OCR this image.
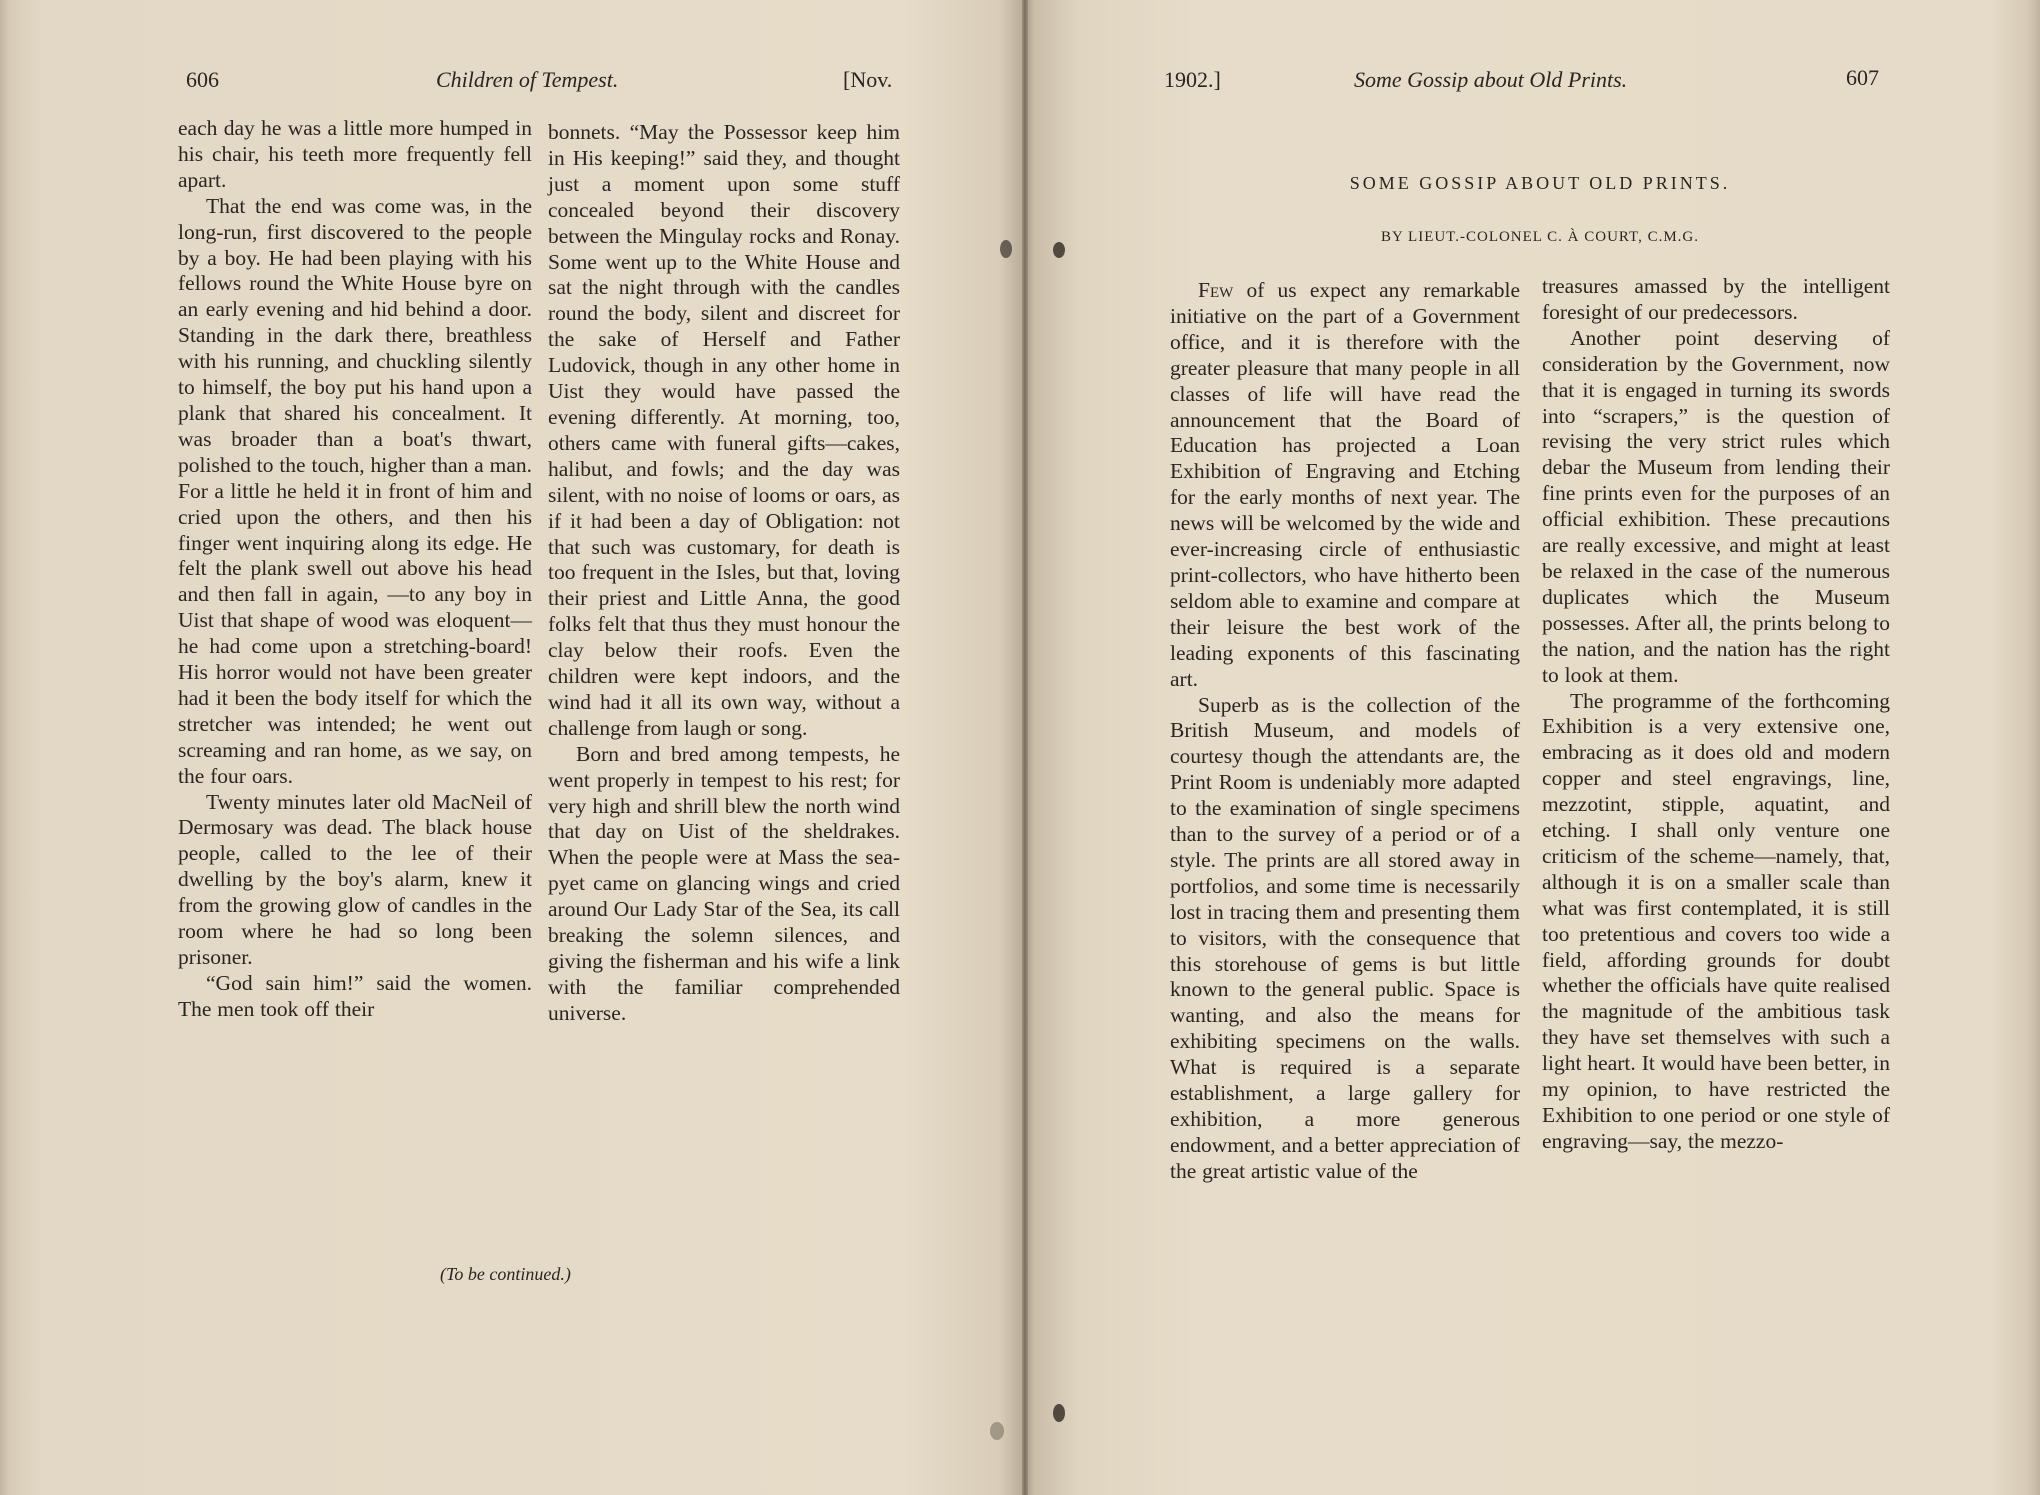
606	Children of Tempest.	[Nov.

each day he was a little more humped in his chair, his teeth more frequently fell apart.

That the end was come was, in the long-run, first discovered to the people by a boy. He had been playing with his fellows round the White House byre on an early evening and hid behind a door. Standing in the dark there, breathless with his running, and chuckling silently to himself, the boy put his hand upon a plank that shared his concealment. It was broader than a boat's thwart, polished to the touch, higher than a man. For a little he held it in front of him and cried upon the others, and then his finger went inquiring along its edge. He felt the plank swell out above his head and then fall in again, —to any boy in Uist that shape of wood was eloquent—he had come upon a stretching-board! His horror would not have been greater had it been the body itself for which the stretcher was intended; he went out screaming and ran home, as we say, on the four oars.

Twenty minutes later old MacNeil of Dermosary was dead. The black house people, called to the lee of their dwelling by the boy's alarm, knew it from the growing glow of candles in the room where he had so long been prisoner.

“God sain him!” said the women. The men took off their

bonnets. “May the Possessor keep him in His keeping!” said they, and thought just a moment upon some stuff concealed beyond their discovery between the Mingulay rocks and Ronay. Some went up to the White House and sat the night through with the candles round the body, silent and discreet for the sake of Herself and Father Ludovick, though in any other home in Uist they would have passed the evening differently. At morning, too, others came with funeral gifts—cakes, halibut, and fowls; and the day was silent, with no noise of looms or oars, as if it had been a day of Obligation: not that such was customary, for death is too frequent in the Isles, but that, loving their priest and Little Anna, the good folks felt that thus they must honour the clay below their roofs. Even the children were kept indoors, and the wind had it all its own way, without a challenge from laugh or song.

Born and bred among tempests, he went properly in tempest to his rest; for very high and shrill blew the north wind that day on Uist of the sheldrakes. When the people were at Mass the sea-pyet came on glancing wings and cried around Our Lady Star of the Sea, its call breaking the solemn silences, and giving the fisherman and his wife a link with the familiar comprehended universe.

(To be continued.)
1902.]	Some Gossip about Old Prints.	607
SOME GOSSIP ABOUT OLD PRINTS.
BY LIEUT.-COLONEL C. À COURT, C.M.G.

Few of us expect any remarkable initiative on the part of a Government office, and it is therefore with the greater pleasure that many people in all classes of life will have read the announcement that the Board of Education has projected a Loan Exhibition of Engraving and Etching for the early months of next year. The news will be welcomed by the wide and ever-increasing circle of enthusiastic print-collectors, who have hitherto been seldom able to examine and compare at their leisure the best work of the leading exponents of this fascinating art.

Superb as is the collection of the British Museum, and models of courtesy though the attendants are, the Print Room is undeniably more adapted to the examination of single specimens than to the survey of a period or of a style. The prints are all stored away in portfolios, and some time is necessarily lost in tracing them and presenting them to visitors, with the consequence that this storehouse of gems is but little known to the general public. Space is wanting, and also the means for exhibiting specimens on the walls. What is required is a separate establishment, a large gallery for exhibition, a more generous endowment, and a better appreciation of the great artistic value of the

treasures amassed by the intelligent foresight of our predecessors.

Another point deserving of consideration by the Government, now that it is engaged in turning its swords into “scrapers,” is the question of revising the very strict rules which debar the Museum from lending their fine prints even for the purposes of an official exhibition. These precautions are really excessive, and might at least be relaxed in the case of the numerous duplicates which the Museum possesses. After all, the prints belong to the nation, and the nation has the right to look at them.

The programme of the forthcoming Exhibition is a very extensive one, embracing as it does old and modern copper and steel engravings, line, mezzotint, stipple, aquatint, and etching. I shall only venture one criticism of the scheme—namely, that, although it is on a smaller scale than what was first contemplated, it is still too pretentious and covers too wide a field, affording grounds for doubt whether the officials have quite realised the magnitude of the ambitious task they have set themselves with such a light heart. It would have been better, in my opinion, to have restricted the Exhibition to one period or one style of engraving—say, the mezzo-
